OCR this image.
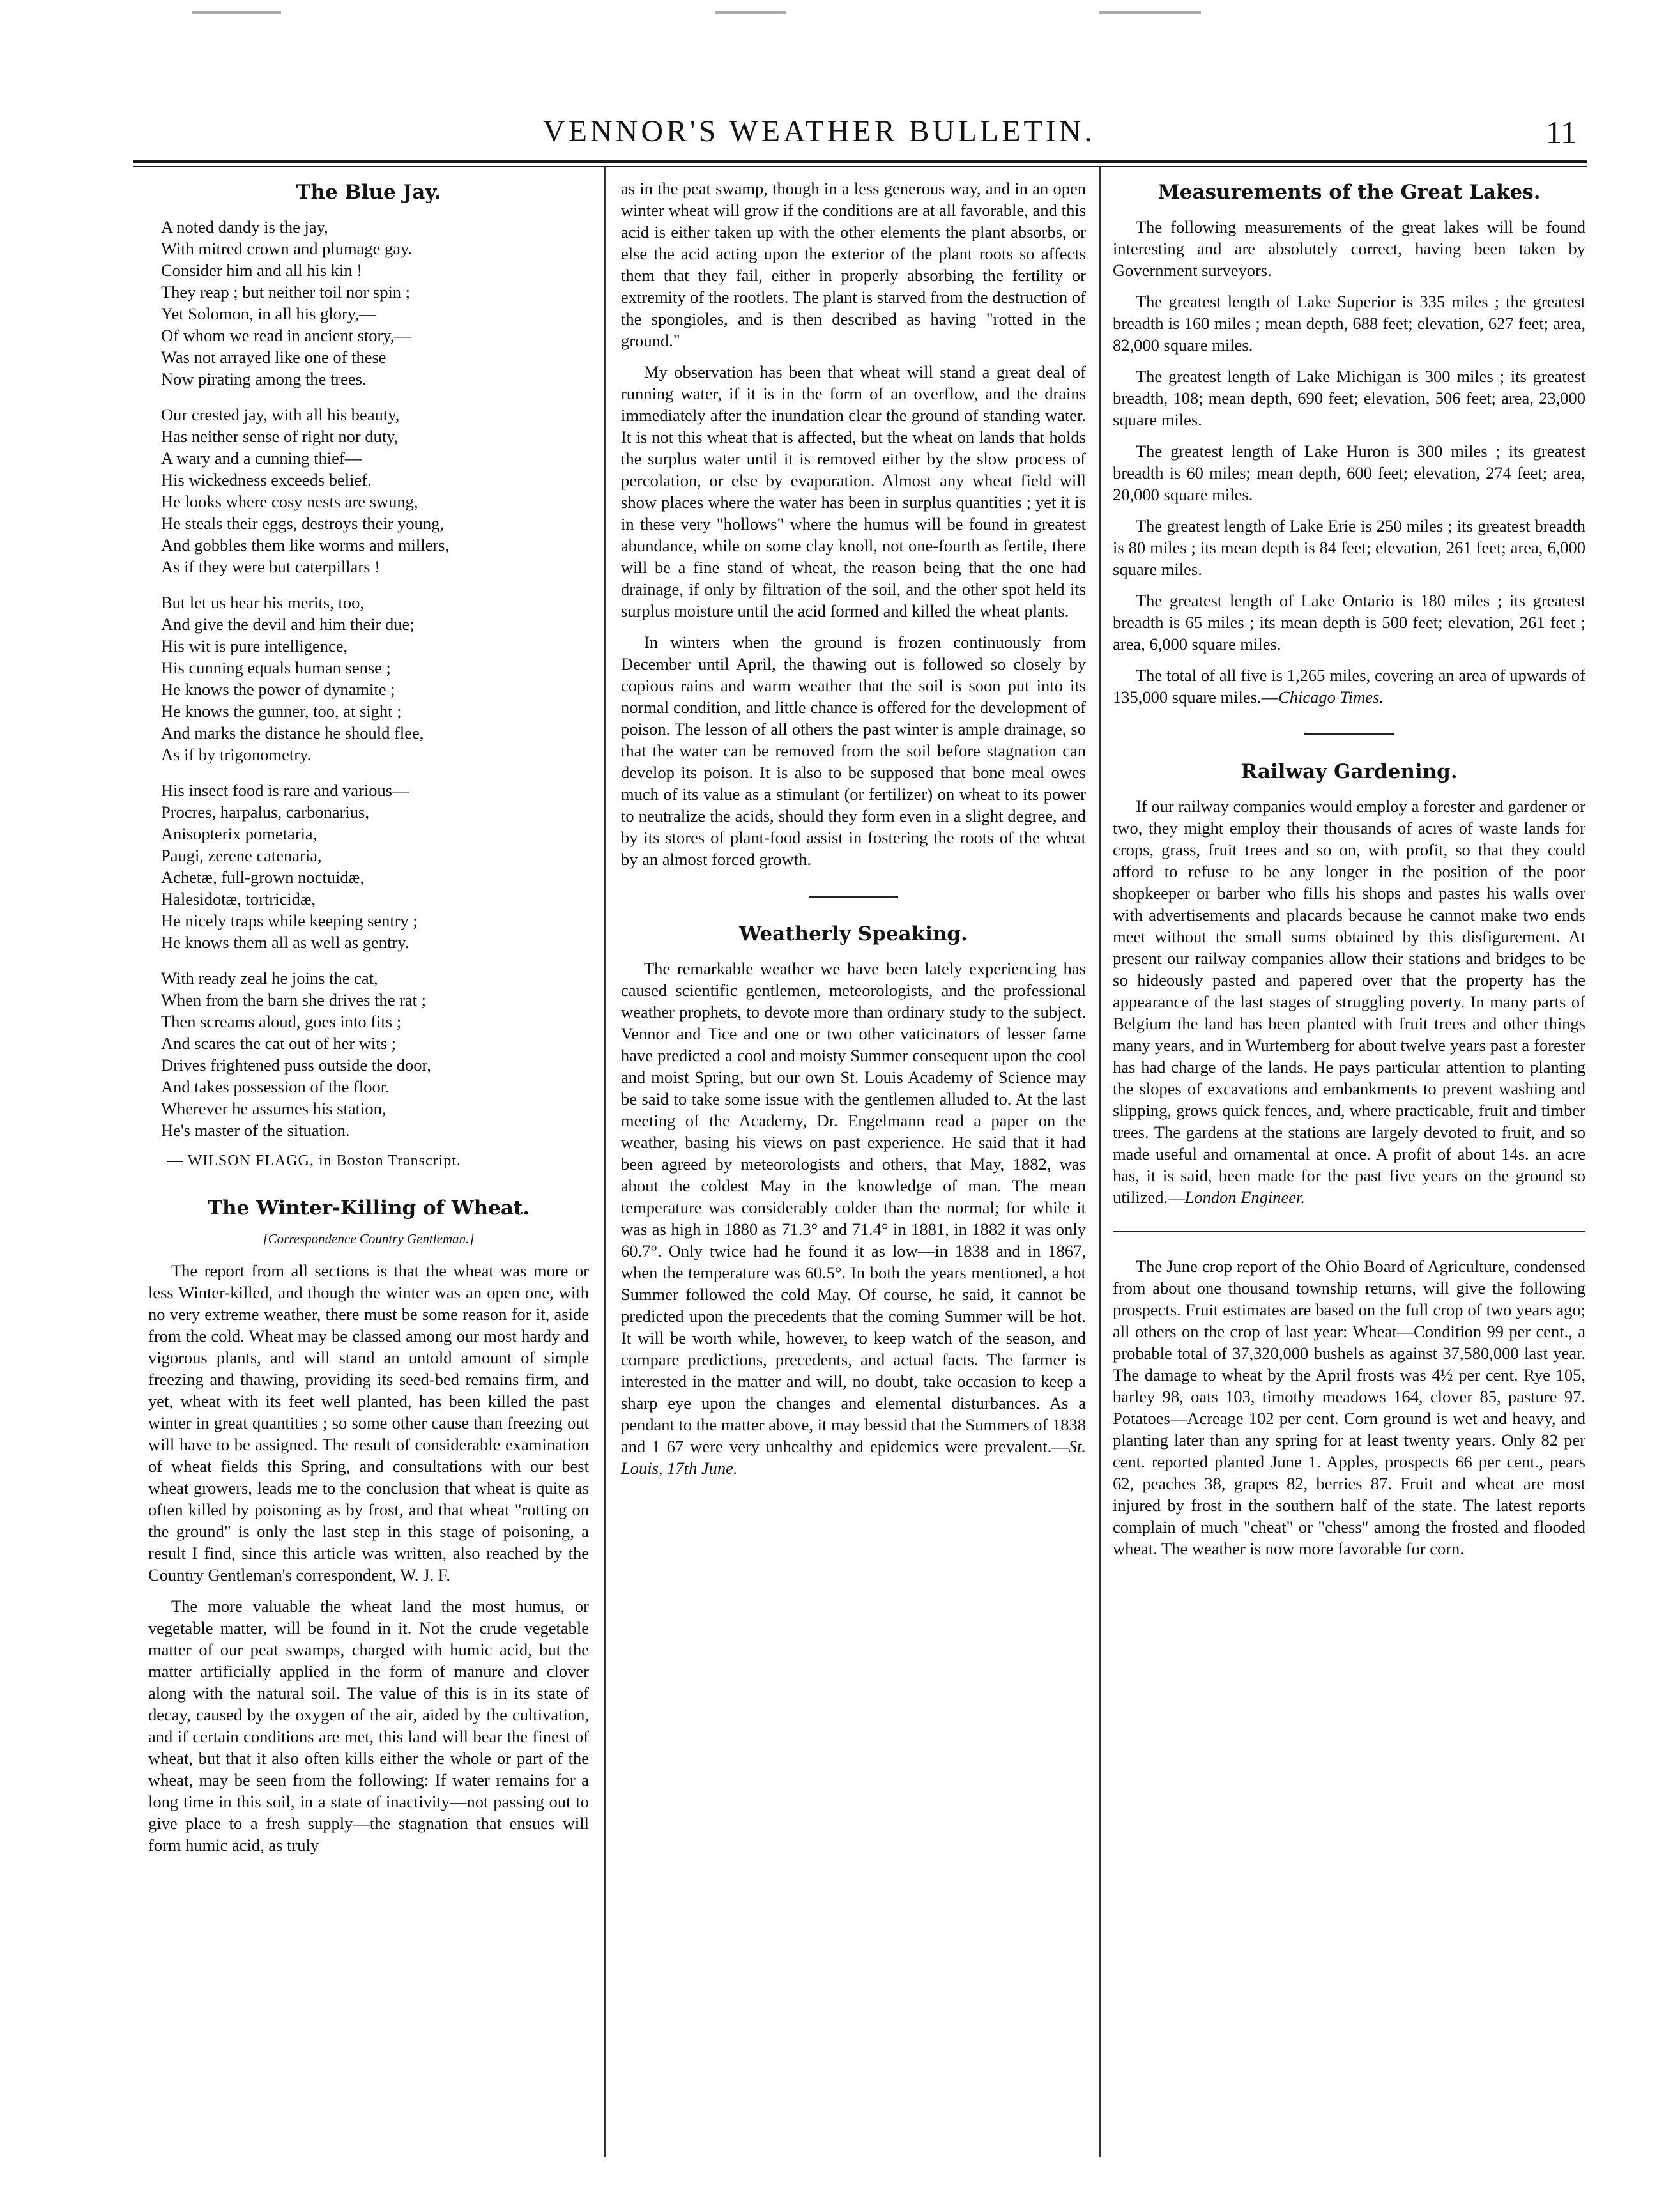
VENNOR'S WEATHER BULLETIN.	11
The Blue Jay.
A noted dandy is the jay,
With mitred crown and plumage gay.
Consider him and all his kin !
They reap ; but neither toil nor spin ;
Yet Solomon, in all his glory,—
Of whom we read in ancient story,—
Was not arrayed like one of these
Now pirating among the trees.
Our crested jay, with all his beauty,
Has neither sense of right nor duty,
A wary and a cunning thief—
His wickedness exceeds belief.
He looks where cosy nests are swung,
He steals their eggs, destroys their young,
And gobbles them like worms and millers,
As if they were but caterpillars !
But let us hear his merits, too,
And give the devil and him their due;
His wit is pure intelligence,
His cunning equals human sense ;
He knows the power of dynamite ;
He knows the gunner, too, at sight ;
And marks the distance he should flee,
As if by trigonometry.
His insect food is rare and various—
Procres, harpalus, carbonarius,
Anisopterix pometaria,
Paugi, zerene catenaria,
Achetæ, full-grown noctuidæ,
Halesidotæ, tortricidæ,
He nicely traps while keeping sentry ;
He knows them all as well as gentry.
With ready zeal he joins the cat,
When from the barn she drives the rat ;
Then screams aloud, goes into fits ;
And scares the cat out of her wits ;
Drives frightened puss outside the door,
And takes possession of the floor.
Wherever he assumes his station,
He's master of the situation.
— WILSON FLAGG, in Boston Transcript.
The Winter-Killing of Wheat.
[Correspondence Country Gentleman.]

The report from all sections is that the wheat was more or less Winter-killed, and though the winter was an open one, with no very extreme weather, there must be some reason for it, aside from the cold. Wheat may be classed among our most hardy and vigorous plants, and will stand an untold amount of simple freezing and thawing, providing its seed-bed remains firm, and yet, wheat with its feet well planted, has been killed the past winter in great quantities ; so some other cause than freezing out will have to be assigned. The result of considerable examination of wheat fields this Spring, and consultations with our best wheat growers, leads me to the conclusion that wheat is quite as often killed by poisoning as by frost, and that wheat "rotting on the ground" is only the last step in this stage of poisoning, a result I find, since this article was written, also reached by the Country Gentleman's correspondent, W. J. F.

The more valuable the wheat land the most humus, or vegetable matter, will be found in it. Not the crude vegetable matter of our peat swamps, charged with humic acid, but the matter artificially applied in the form of manure and clover along with the natural soil. The value of this is in its state of decay, caused by the oxygen of the air, aided by the cultivation, and if certain conditions are met, this land will bear the finest of wheat, but that it also often kills either the whole or part of the wheat, may be seen from the following: If water remains for a long time in this soil, in a state of inactivity—not passing out to give place to a fresh supply—the stagnation that ensues will form humic acid, as truly

as in the peat swamp, though in a less generous way, and in an open winter wheat will grow if the conditions are at all favorable, and this acid is either taken up with the other elements the plant absorbs, or else the acid acting upon the exterior of the plant roots so affects them that they fail, either in properly absorbing the fertility or extremity of the rootlets. The plant is starved from the destruction of the spongioles, and is then described as having "rotted in the ground."

My observation has been that wheat will stand a great deal of running water, if it is in the form of an overflow, and the drains immediately after the inundation clear the ground of standing water. It is not this wheat that is affected, but the wheat on lands that holds the surplus water until it is removed either by the slow process of percolation, or else by evaporation. Almost any wheat field will show places where the water has been in surplus quantities ; yet it is in these very "hollows" where the humus will be found in greatest abundance, while on some clay knoll, not one-fourth as fertile, there will be a fine stand of wheat, the reason being that the one had drainage, if only by filtration of the soil, and the other spot held its surplus moisture until the acid formed and killed the wheat plants.

In winters when the ground is frozen continuously from December until April, the thawing out is followed so closely by copious rains and warm weather that the soil is soon put into its normal condition, and little chance is offered for the development of poison. The lesson of all others the past winter is ample drainage, so that the water can be removed from the soil before stagnation can develop its poison. It is also to be supposed that bone meal owes much of its value as a stimulant (or fertilizer) on wheat to its power to neutralize the acids, should they form even in a slight degree, and by its stores of plant-food assist in fostering the roots of the wheat by an almost forced growth.

Weatherly Speaking.

The remarkable weather we have been lately experiencing has caused scientific gentlemen, meteorologists, and the professional weather prophets, to devote more than ordinary study to the subject. Vennor and Tice and one or two other vaticinators of lesser fame have predicted a cool and moisty Summer consequent upon the cool and moist Spring, but our own St. Louis Academy of Science may be said to take some issue with the gentlemen alluded to. At the last meeting of the Academy, Dr. Engelmann read a paper on the weather, basing his views on past experience. He said that it had been agreed by meteorologists and others, that May, 1882, was about the coldest May in the knowledge of man. The mean temperature was considerably colder than the normal; for while it was as high in 1880 as 71.3° and 71.4° in 1881, in 1882 it was only 60.7°. Only twice had he found it as low—in 1838 and in 1867, when the temperature was 60.5°. In both the years mentioned, a hot Summer followed the cold May. Of course, he said, it cannot be predicted upon the precedents that the coming Summer will be hot. It will be worth while, however, to keep watch of the season, and compare predictions, precedents, and actual facts. The farmer is interested in the matter and will, no doubt, take occasion to keep a sharp eye upon the changes and elemental disturbances. As a pendant to the matter above, it may bessid that the Summers of 1838 and 1 67 were very unhealthy and epidemics were prevalent.—St. Louis, 17th June.

Measurements of the Great Lakes.

The following measurements of the great lakes will be found interesting and are absolutely correct, having been taken by Government surveyors.

The greatest length of Lake Superior is 335 miles ; the greatest breadth is 160 miles ; mean depth, 688 feet; elevation, 627 feet; area, 82,000 square miles.

The greatest length of Lake Michigan is 300 miles ; its greatest breadth, 108; mean depth, 690 feet; elevation, 506 feet; area, 23,000 square miles.

The greatest length of Lake Huron is 300 miles ; its greatest breadth is 60 miles; mean depth, 600 feet; elevation, 274 feet; area, 20,000 square miles.

The greatest length of Lake Erie is 250 miles ; its greatest breadth is 80 miles ; its mean depth is 84 feet; elevation, 261 feet; area, 6,000 square miles.

The greatest length of Lake Ontario is 180 miles ; its greatest breadth is 65 miles ; its mean depth is 500 feet; elevation, 261 feet ; area, 6,000 square miles.

The total of all five is 1,265 miles, covering an area of upwards of 135,000 square miles.—Chicago Times.

Railway Gardening.

If our railway companies would employ a forester and gardener or two, they might employ their thousands of acres of waste lands for crops, grass, fruit trees and so on, with profit, so that they could afford to refuse to be any longer in the position of the poor shopkeeper or barber who fills his shops and pastes his walls over with advertisements and placards because he cannot make two ends meet without the small sums obtained by this disfigurement. At present our railway companies allow their stations and bridges to be so hideously pasted and papered over that the property has the appearance of the last stages of struggling poverty. In many parts of Belgium the land has been planted with fruit trees and other things many years, and in Wurtemberg for about twelve years past a forester has had charge of the lands. He pays particular attention to planting the slopes of excavations and embankments to prevent washing and slipping, grows quick fences, and, where practicable, fruit and timber trees. The gardens at the stations are largely devoted to fruit, and so made useful and ornamental at once. A profit of about 14s. an acre has, it is said, been made for the past five years on the ground so utilized.—London Engineer.

The June crop report of the Ohio Board of Agriculture, condensed from about one thousand township returns, will give the following prospects. Fruit estimates are based on the full crop of two years ago; all others on the crop of last year: Wheat—Condition 99 per cent., a probable total of 37,320,000 bushels as against 37,580,000 last year. The damage to wheat by the April frosts was 4½ per cent. Rye 105, barley 98, oats 103, timothy meadows 164, clover 85, pasture 97. Potatoes—Acreage 102 per cent. Corn ground is wet and heavy, and planting later than any spring for at least twenty years. Only 82 per cent. reported planted June 1. Apples, prospects 66 per cent., pears 62, peaches 38, grapes 82, berries 87. Fruit and wheat are most injured by frost in the southern half of the state. The latest reports complain of much "cheat" or "chess" among the frosted and flooded wheat. The weather is now more favorable for corn.
